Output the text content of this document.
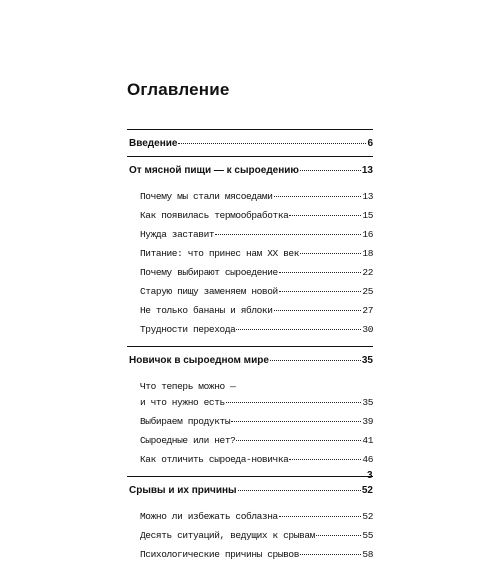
Оглавление
Введение	6
От мясной пищи — к сыроедению	13
Почему мы стали мясоедами	13
Как появилась термообработка	15
Нужда заставит	16
Питание: что принес нам XX век	18
Почему выбирают сыроедение	22
Старую пищу заменяем новой	25
Не только бананы и яблоки	27
Трудности перехода	30
Новичок в сыроедном мире	35
Что теперь можно —
и что нужно есть	35
Выбираем продукты	39
Сыроедные или нет?	41
Как отличить сыроеда-новичка	46
Срывы и их причины	52
Можно ли избежать соблазна	52
Десять ситуаций, ведущих к срывам	55
Психологические причины срывов	58
3
